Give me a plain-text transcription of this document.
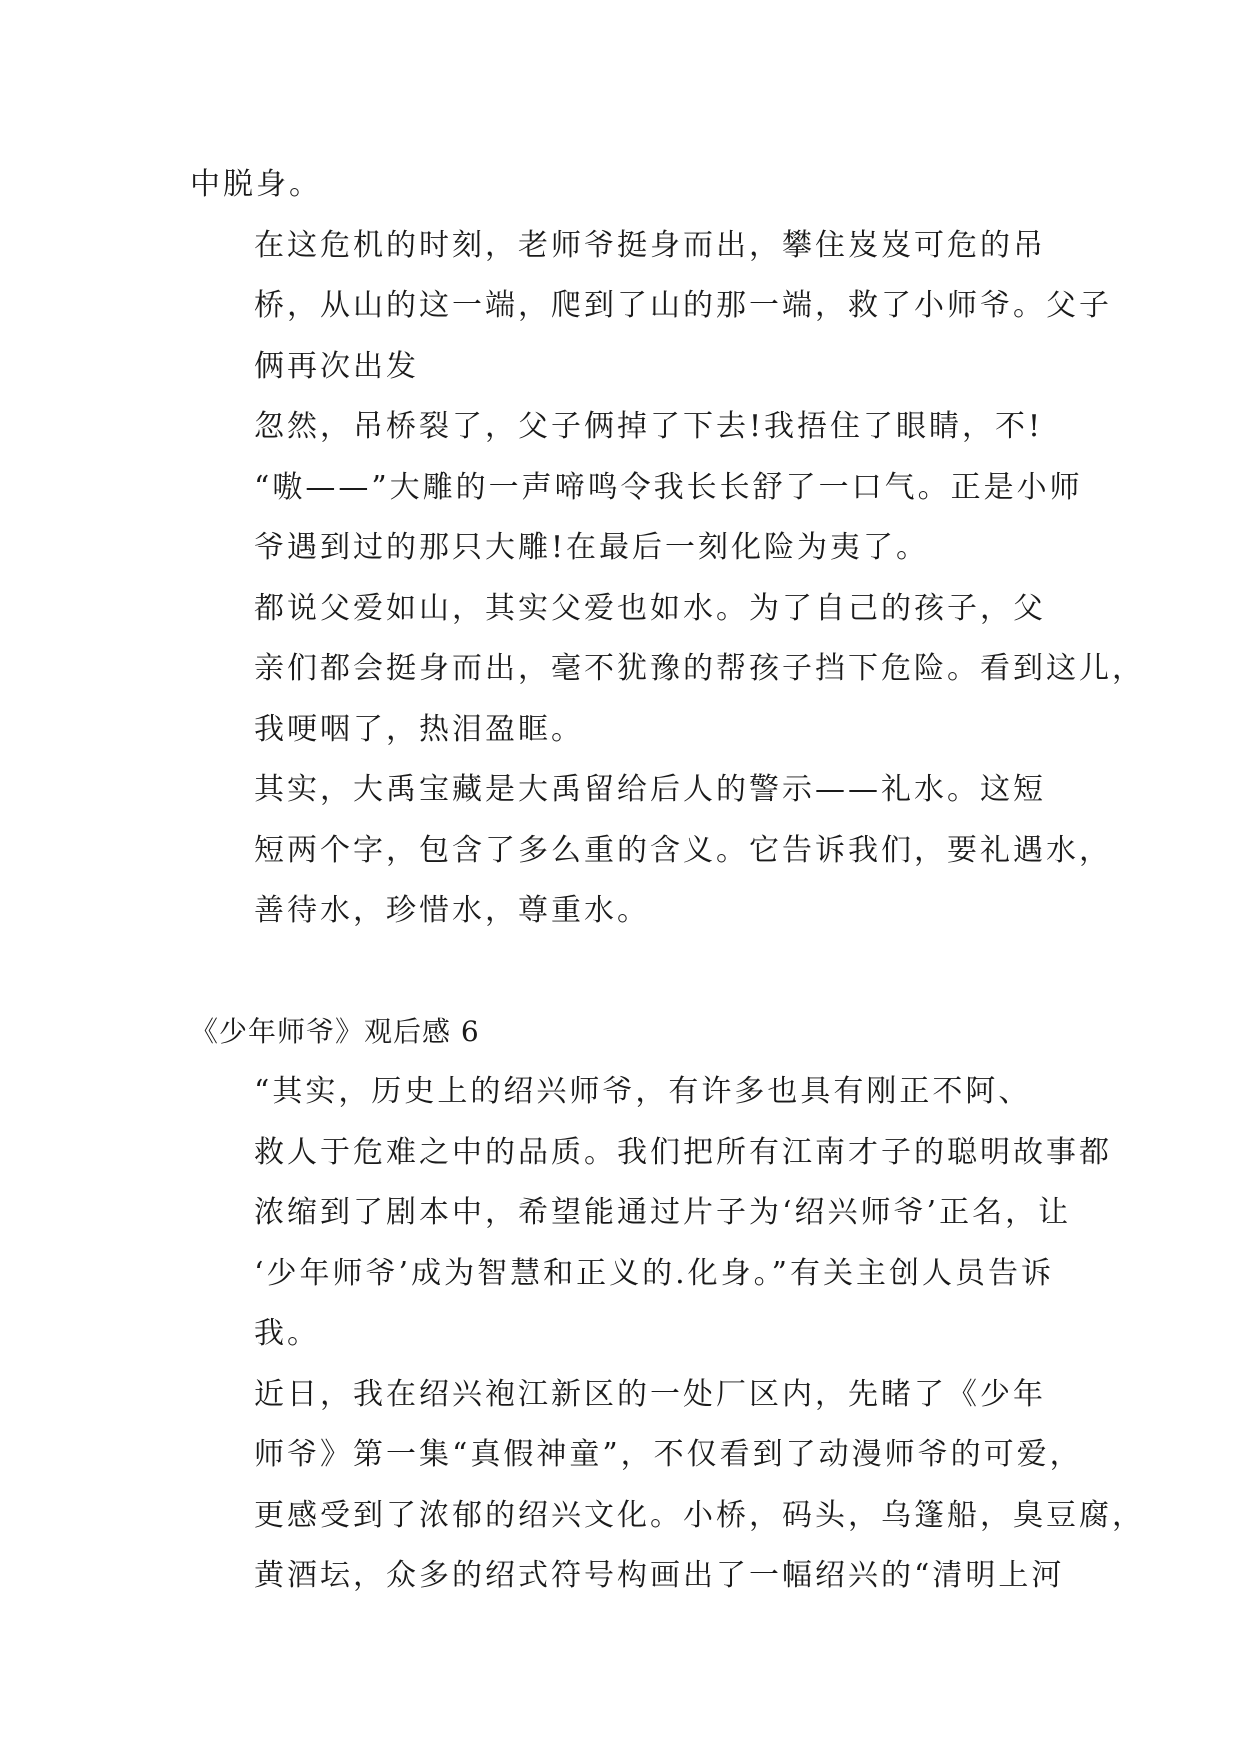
中脱身。
在这危机的时刻，老师爷挺身而出，攀住岌岌可危的吊
桥，从山的这一端，爬到了山的那一端，救了小师爷。父子
俩再次出发
忽然，吊桥裂了，父子俩掉了下去!我捂住了眼睛，不!
“嗷——”大雕的一声啼鸣令我长长舒了一口气。正是小师
爷遇到过的那只大雕!在最后一刻化险为夷了。
都说父爱如山，其实父爱也如水。为了自己的孩子，父
亲们都会挺身而出，毫不犹豫的帮孩子挡下危险。看到这儿，
我哽咽了，热泪盈眶。
其实，大禹宝藏是大禹留给后人的警示——礼水。这短
短两个字，包含了多么重的含义。它告诉我们，要礼遇水，
善待水，珍惜水，尊重水。
《少年师爷》观后感 6
“其实，历史上的绍兴师爷，有许多也具有刚正不阿、
救人于危难之中的品质。我们把所有江南才子的聪明故事都
浓缩到了剧本中，希望能通过片子为‘绍兴师爷’正名，让
‘少年师爷’成为智慧和正义的.化身。”有关主创人员告诉
我。
近日，我在绍兴袍江新区的一处厂区内，先睹了《少年
师爷》第一集“真假神童”，不仅看到了动漫师爷的可爱，
更感受到了浓郁的绍兴文化。小桥，码头，乌篷船，臭豆腐，
黄酒坛，众多的绍式符号构画出了一幅绍兴的“清明上河
